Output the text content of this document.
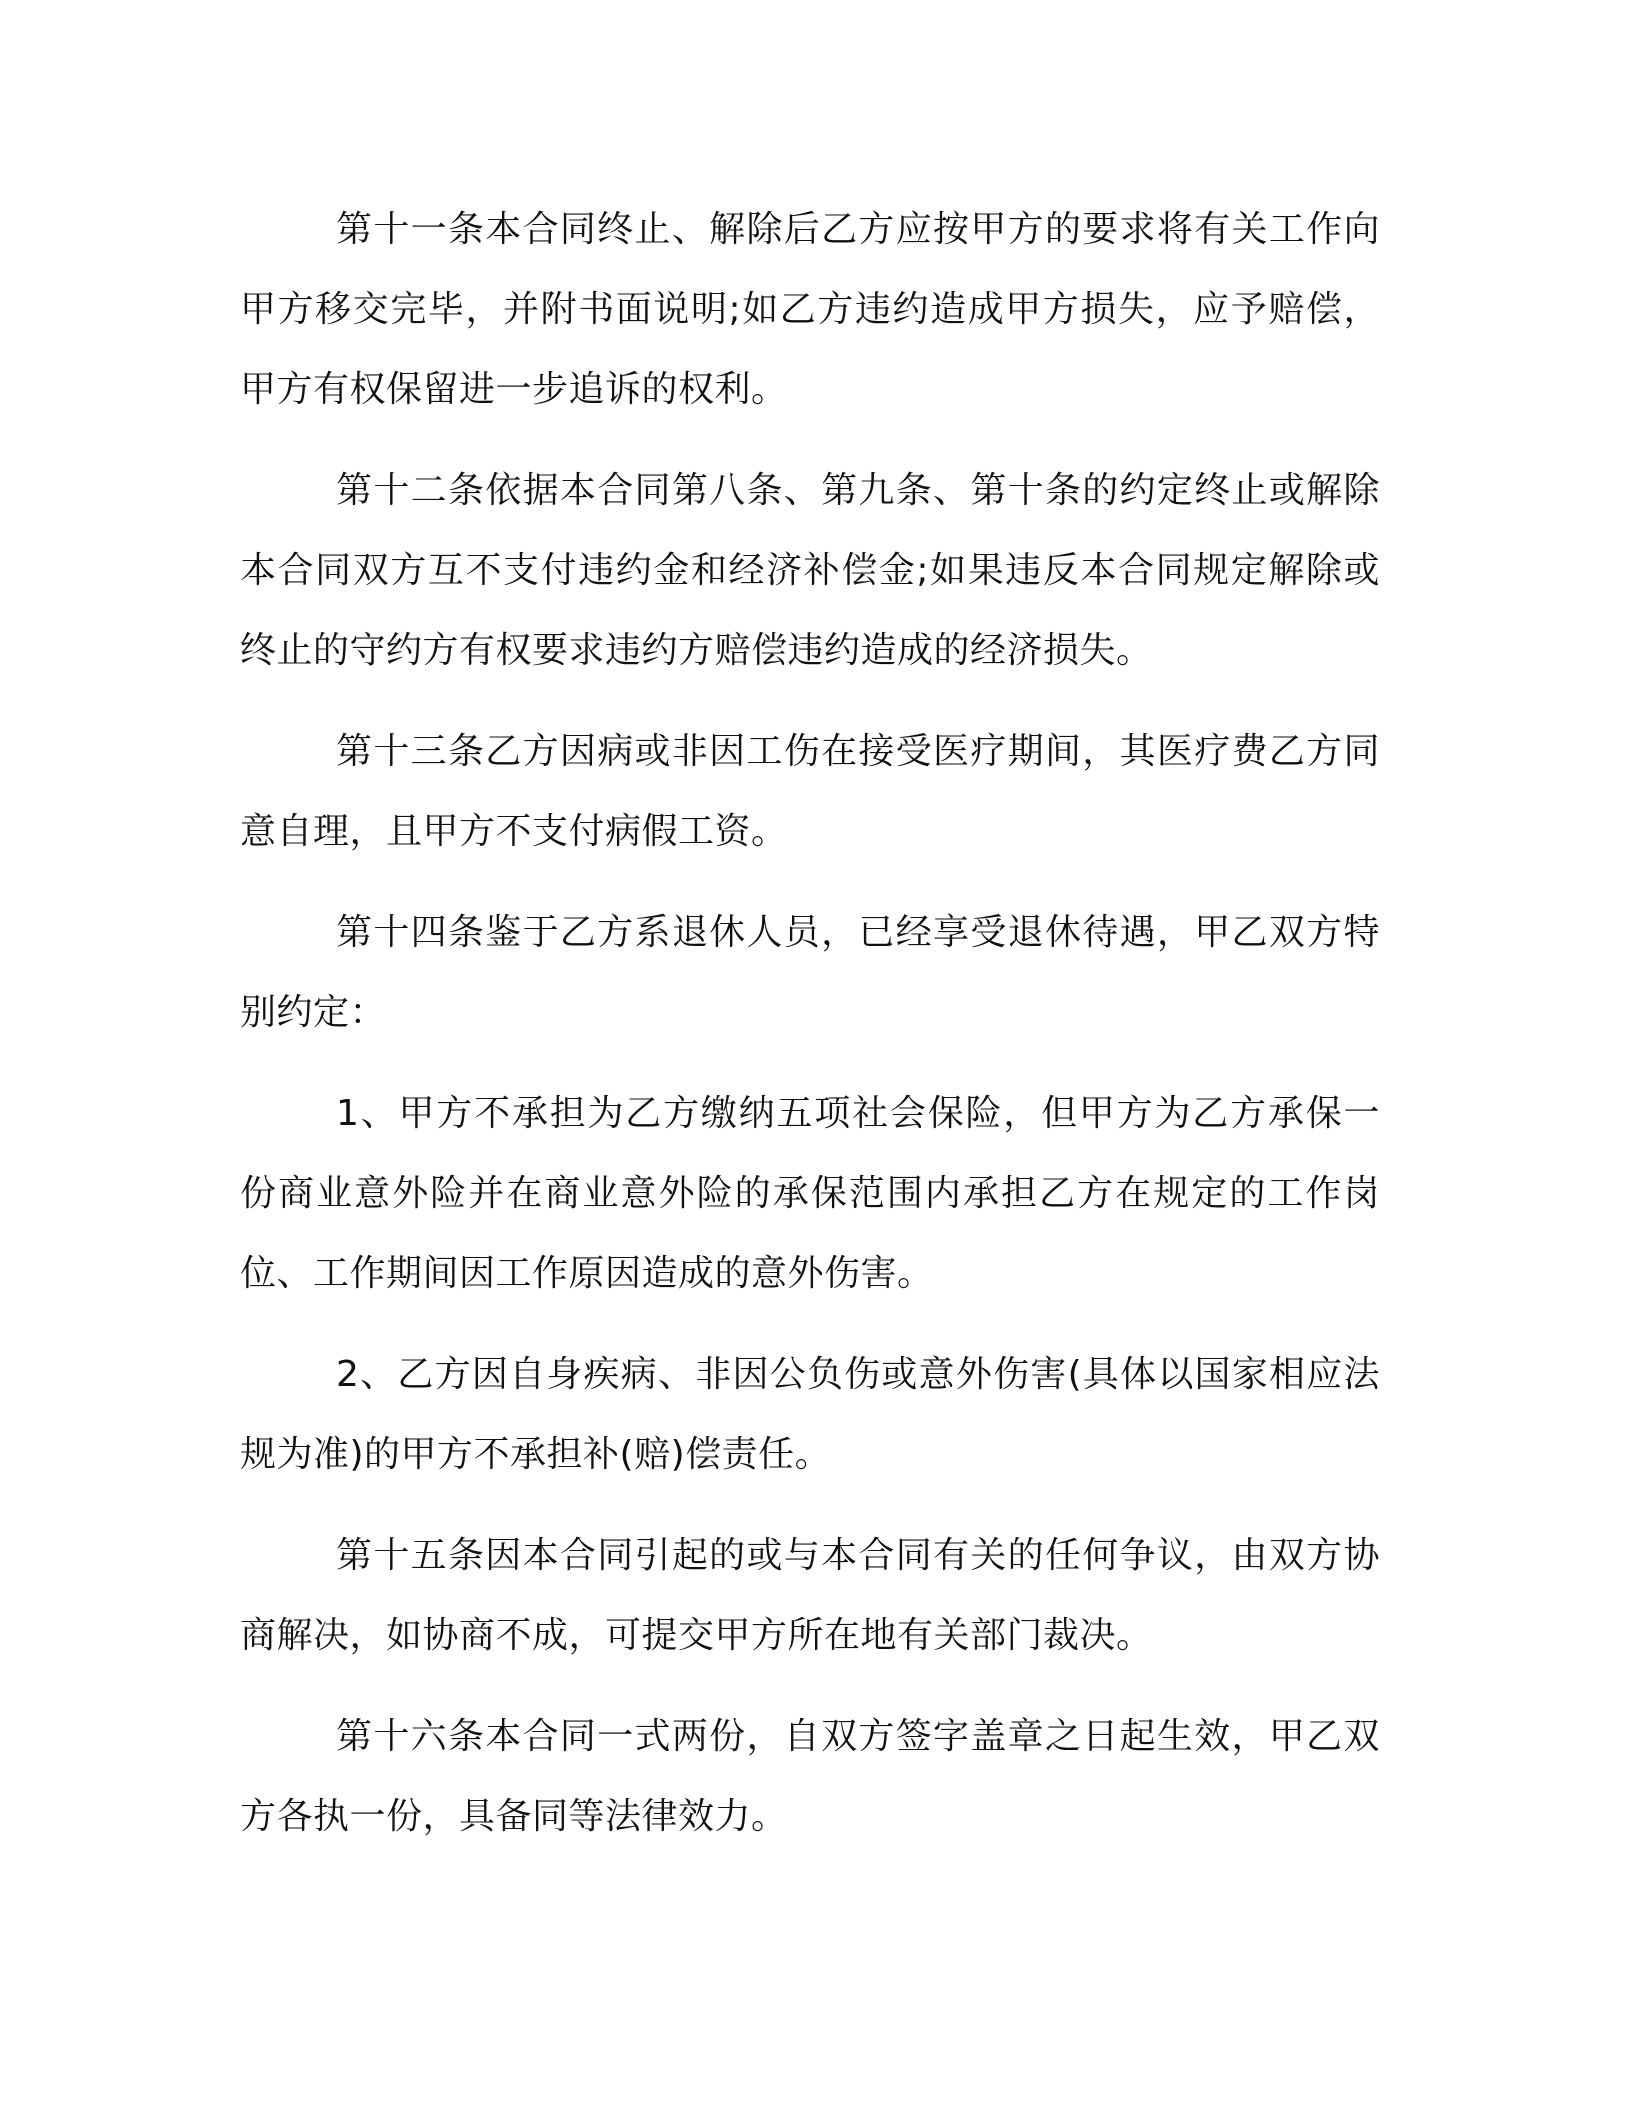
第十一条本合同终止、解除后乙方应按甲方的要求将有关工作向甲方移交完毕，并附书面说明;如乙方违约造成甲方损失，应予赔偿，甲方有权保留进一步追诉的权利。

第十二条依据本合同第八条、第九条、第十条的约定终止或解除本合同双方互不支付违约金和经济补偿金;如果违反本合同规定解除或终止的守约方有权要求违约方赔偿违约造成的经济损失。

第十三条乙方因病或非因工伤在接受医疗期间，其医疗费乙方同意自理，且甲方不支付病假工资。

第十四条鉴于乙方系退休人员，已经享受退休待遇，甲乙双方特别约定：

1、甲方不承担为乙方缴纳五项社会保险，但甲方为乙方承保一份商业意外险并在商业意外险的承保范围内承担乙方在规定的工作岗位、工作期间因工作原因造成的意外伤害。

2、乙方因自身疾病、非因公负伤或意外伤害(具体以国家相应法规为准)的甲方不承担补(赔)偿责任。

第十五条因本合同引起的或与本合同有关的任何争议，由双方协商解决，如协商不成，可提交甲方所在地有关部门裁决。

第十六条本合同一式两份，自双方签字盖章之日起生效，甲乙双方各执一份，具备同等法律效力。
